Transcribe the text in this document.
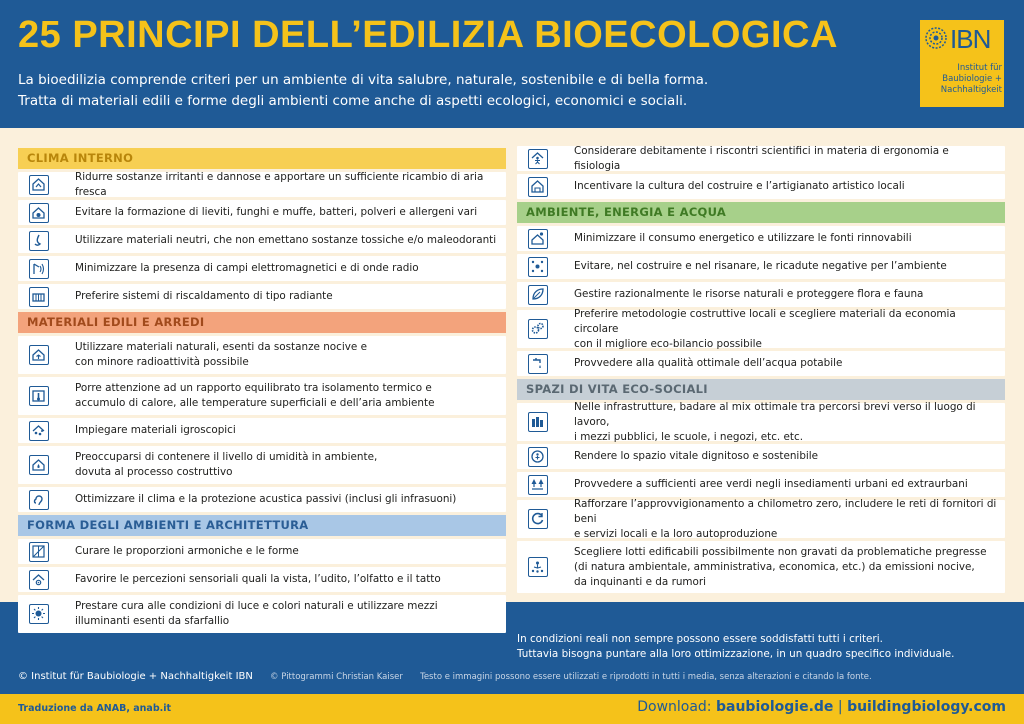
25 PRINCIPI DELL’EDILIZIA BIOECOLOGICA
La bioedilizia comprende criteri per un ambiente di vita salubre, naturale, sostenibile e di bella forma.
Tratta di materiali edili e forme degli ambienti come anche di aspetti ecologici, economici e sociali.
IBN
Institut für
Baubiologie +
Nachhaltigkeit
CLIMA INTERNO
Ridurre sostanze irritanti e dannose e apportare un sufficiente ricambio di aria fresca
Evitare la formazione di lieviti, funghi e muffe, batteri, polveri e allergeni vari
Utilizzare materiali neutri, che non emettano sostanze tossiche e/o maleodoranti
Minimizzare la presenza di campi elettromagnetici e di onde radio
Preferire sistemi di riscaldamento di tipo radiante
MATERIALI EDILI E ARREDI
Utilizzare materiali naturali, esenti da sostanze nocive e
con minore radioattività possibile
Porre attenzione ad un rapporto equilibrato tra isolamento termico e
accumulo di calore, alle temperature superficiali e dell’aria ambiente
Impiegare materiali igroscopici
Preoccuparsi di contenere il livello di umidità in ambiente,
dovuta al processo costruttivo
Ottimizzare il clima e la protezione acustica passivi (inclusi gli infrasuoni)
FORMA DEGLI AMBIENTI E ARCHITETTURA
Curare le proporzioni armoniche e le forme
Favorire le percezioni sensoriali quali la vista, l’udito, l’olfatto e il tatto
Prestare cura alle condizioni di luce e colori naturali e utilizzare mezzi
illuminanti esenti da sfarfallio
Considerare debitamente i riscontri scientifici in materia di ergonomia e fisiologia
Incentivare la cultura del costruire e l’artigianato artistico locali
AMBIENTE, ENERGIA E ACQUA
Minimizzare il consumo energetico e utilizzare le fonti rinnovabili
Evitare, nel costruire e nel risanare, le ricadute negative per l’ambiente
Gestire razionalmente le risorse naturali e proteggere flora e fauna
Preferire metodologie costruttive locali e scegliere materiali da economia circolare
con il migliore eco-bilancio possibile
Provvedere alla qualità ottimale dell’acqua potabile
SPAZI DI VITA ECO-SOCIALI
Nelle infrastrutture, badare al mix ottimale tra percorsi brevi verso il luogo di lavoro,
i mezzi pubblici, le scuole, i negozi, etc. etc.
Rendere lo spazio vitale dignitoso e sostenibile
Provvedere a sufficienti aree verdi negli insediamenti urbani ed extraurbani
Rafforzare l’approvvigionamento a chilometro zero, includere le reti di fornitori di beni
e servizi locali e la loro autoproduzione
Scegliere lotti edificabili possibilmente non gravati da problematiche pregresse
(di natura ambientale, amministrativa, economica, etc.) da emissioni nocive,
da inquinanti e da rumori
In condizioni reali non sempre possono essere soddisfatti tutti i criteri.
Tuttavia bisogna puntare alla loro ottimizzazione, in un quadro specifico individuale.
© Institut für Baubiologie + Nachhaltigkeit IBN © Pittogrammi Christian Kaiser Testo e immagini possono essere utilizzati e riprodotti in tutti i media, senza alterazioni e citando la fonte.
Traduzione da ANAB, anab.it	Download: baubiologie.de | buildingbiology.com
